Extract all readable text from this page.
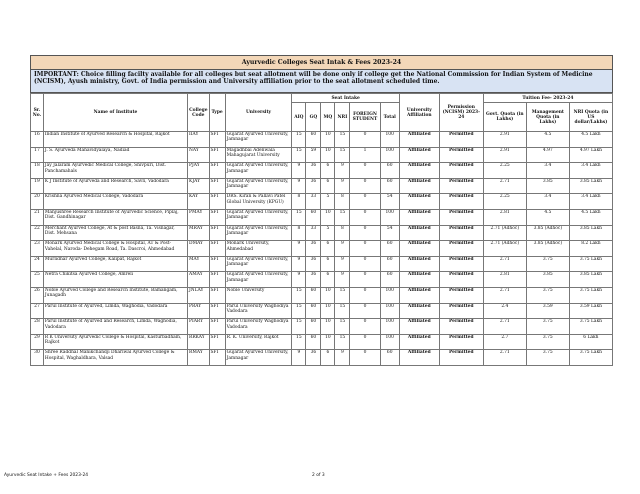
Ayurvedic Colleges Seat Intak & Fees 2023-24
IMPORTANT: Choice filling facilty available for all colleges but seat allotment will be done only if college get the National Commission for Indian System of Medicine (NCISM), Ayush ministry, Govt. of India permission and University affiliation prior to the seat allotment scheduled time.
Sr. No.	Name of Institute	College Code	Type	University	Seat Intake						University Affiliation	Permission (NCISM) 2023-24	Tuition Fee- 2023-24		
					AIQ	GQ	MQ	NRI	FOREIGN STUDENT	Total			Govt. Quota (in Lakhs)	Management Quota (in Lakhs)	NRI Quota (in US dollar/Lakhs)
16	Indian Institute of Ayurved Research & Hospital, Rajkot	IIAY	SFI	Gujarat Ayurved University, Jamnagar	15	60	10	15	0	100	Affiliated	Permitted	2.91	4.5	4.5 Lakh
17	J. S. Ayurveda Mahavidyalaya, Nadiad	NAY	SFI	Magadhbai Adenwala Mahagujarat University	15	59	10	15	1	100	Affiliated	Permitted	2.91	4.97	4.97 Lakh
18	Jay Jalaram Ayurvedic Medical College, Shivpuri, Dist. Panchamahals	PJAY	SFI	Gujarat Ayurved University, Jamnagar	9	36	6	9	0	60	Affiliated	Permitted	2.25	3.4	3.4 Lakh
19	K J Institute of Ayurveda and Research, Savli, Vadodara	KJAY	SFI	Gujarat Ayurved University, Jamnagar	9	36	6	9	0	60	Affiliated	Permitted	2.71	3.85	3.85 Lakh
20	Krishna Ayurved Medical College, Vadodara	KAY	SFI	DRS. Kiran & Pallavi Patel Global University (KPGU)	8	33	5	8	0	54	Affiliated	Permitted	2.25	3.4	3.4 Lakh
21	Manjushree Research Institute of Ayurvedic Science, Piplaj, Dist. Gandhinagar	PMAY	SFI	Gujarat Ayurved University, Jamnagar	15	60	10	15	0	100	Affiliated	Permitted	2.81	4.5	4.5 Lakh
22	Merchant Ayurved College, At & post Basna, Ta. Visnagar, Dist. Mehsana	MRAY	SFI	Gujarat Ayurved University, Jamnagar	8	33	5	8	0	54	Affiliated	Permitted	2.71 (Adhoc)	3.85 (Adhoc)	3.85 Lakh
23	Monark Ayurved Medical College & Hospital, AT & Post- Vahelal, Naroda- Dehegam Road, Ta. Dascroi, Ahmedabad	DMAY	SFI	Monark University, Ahmedabad	9	36	6	9	0	60	Affiliated	Permitted	2.71 (Adhoc)	3.85 (Adhoc)	8.2 Lakh
24	Murlidhar Ayurved College, Kalipat, Rajkot	MAY	SFI	Gujarat Ayurved University, Jamnagar	9	36	6	9	0	60	Affiliated	Permitted	2.71	3.75	3.75 Lakh
25	Netra Chikitsa Ayurved College, Amreli	AMAY	SFI	Gujarat Ayurved University, Jamnagar	9	36	6	9	0	60	Affiliated	Permitted	2.81	3.85	3.85 Lakh
26	Noble Ayurved College and Research Institute, Bamangam, Junagadh	JNLAY	SFI	Noble University	15	60	10	15	0	100	Affiliated	Permitted	2.71	3.75	3.75 Lakh
27	Parul Institute of Ayurved, Limda, Waghodia, Vadodara	PRAY	SFI	Parul University Waghodiya Vadodara	15	60	10	15	0	100	Affiliated	Permitted	2.4	3.59	3.59 Lakh
28	Parul Institute of Ayurved and Research, Limda, Waghodia, Vadodara	PIARY	SFI	Parul University Waghodiya Vadodara	15	60	10	15	0	100	Affiliated	Permitted	2.71	3.75	3.75 Lakh
29	R K University Ayurvedic College & Hospital, Kasturbadham, Rajkot	RRKAY	SFI	R. K. University, Rajkot	15	60	10	15	0	100	Affiliated	Permitted	2.7	3.75	6 Lakh
30	Shree Raddhal Manikchandji Dhariwal Ayurved College & Hospital, Waghaldhara, Valsad	RMAY	SFI	Gujarat Ayurved University, Jamnagar	9	36	6	9	0	60	Affiliated	Permitted	2.71	3.75	3.75 Lakh
Ayurvedic Seat Intake + Fees 2023-24	2 of 3
